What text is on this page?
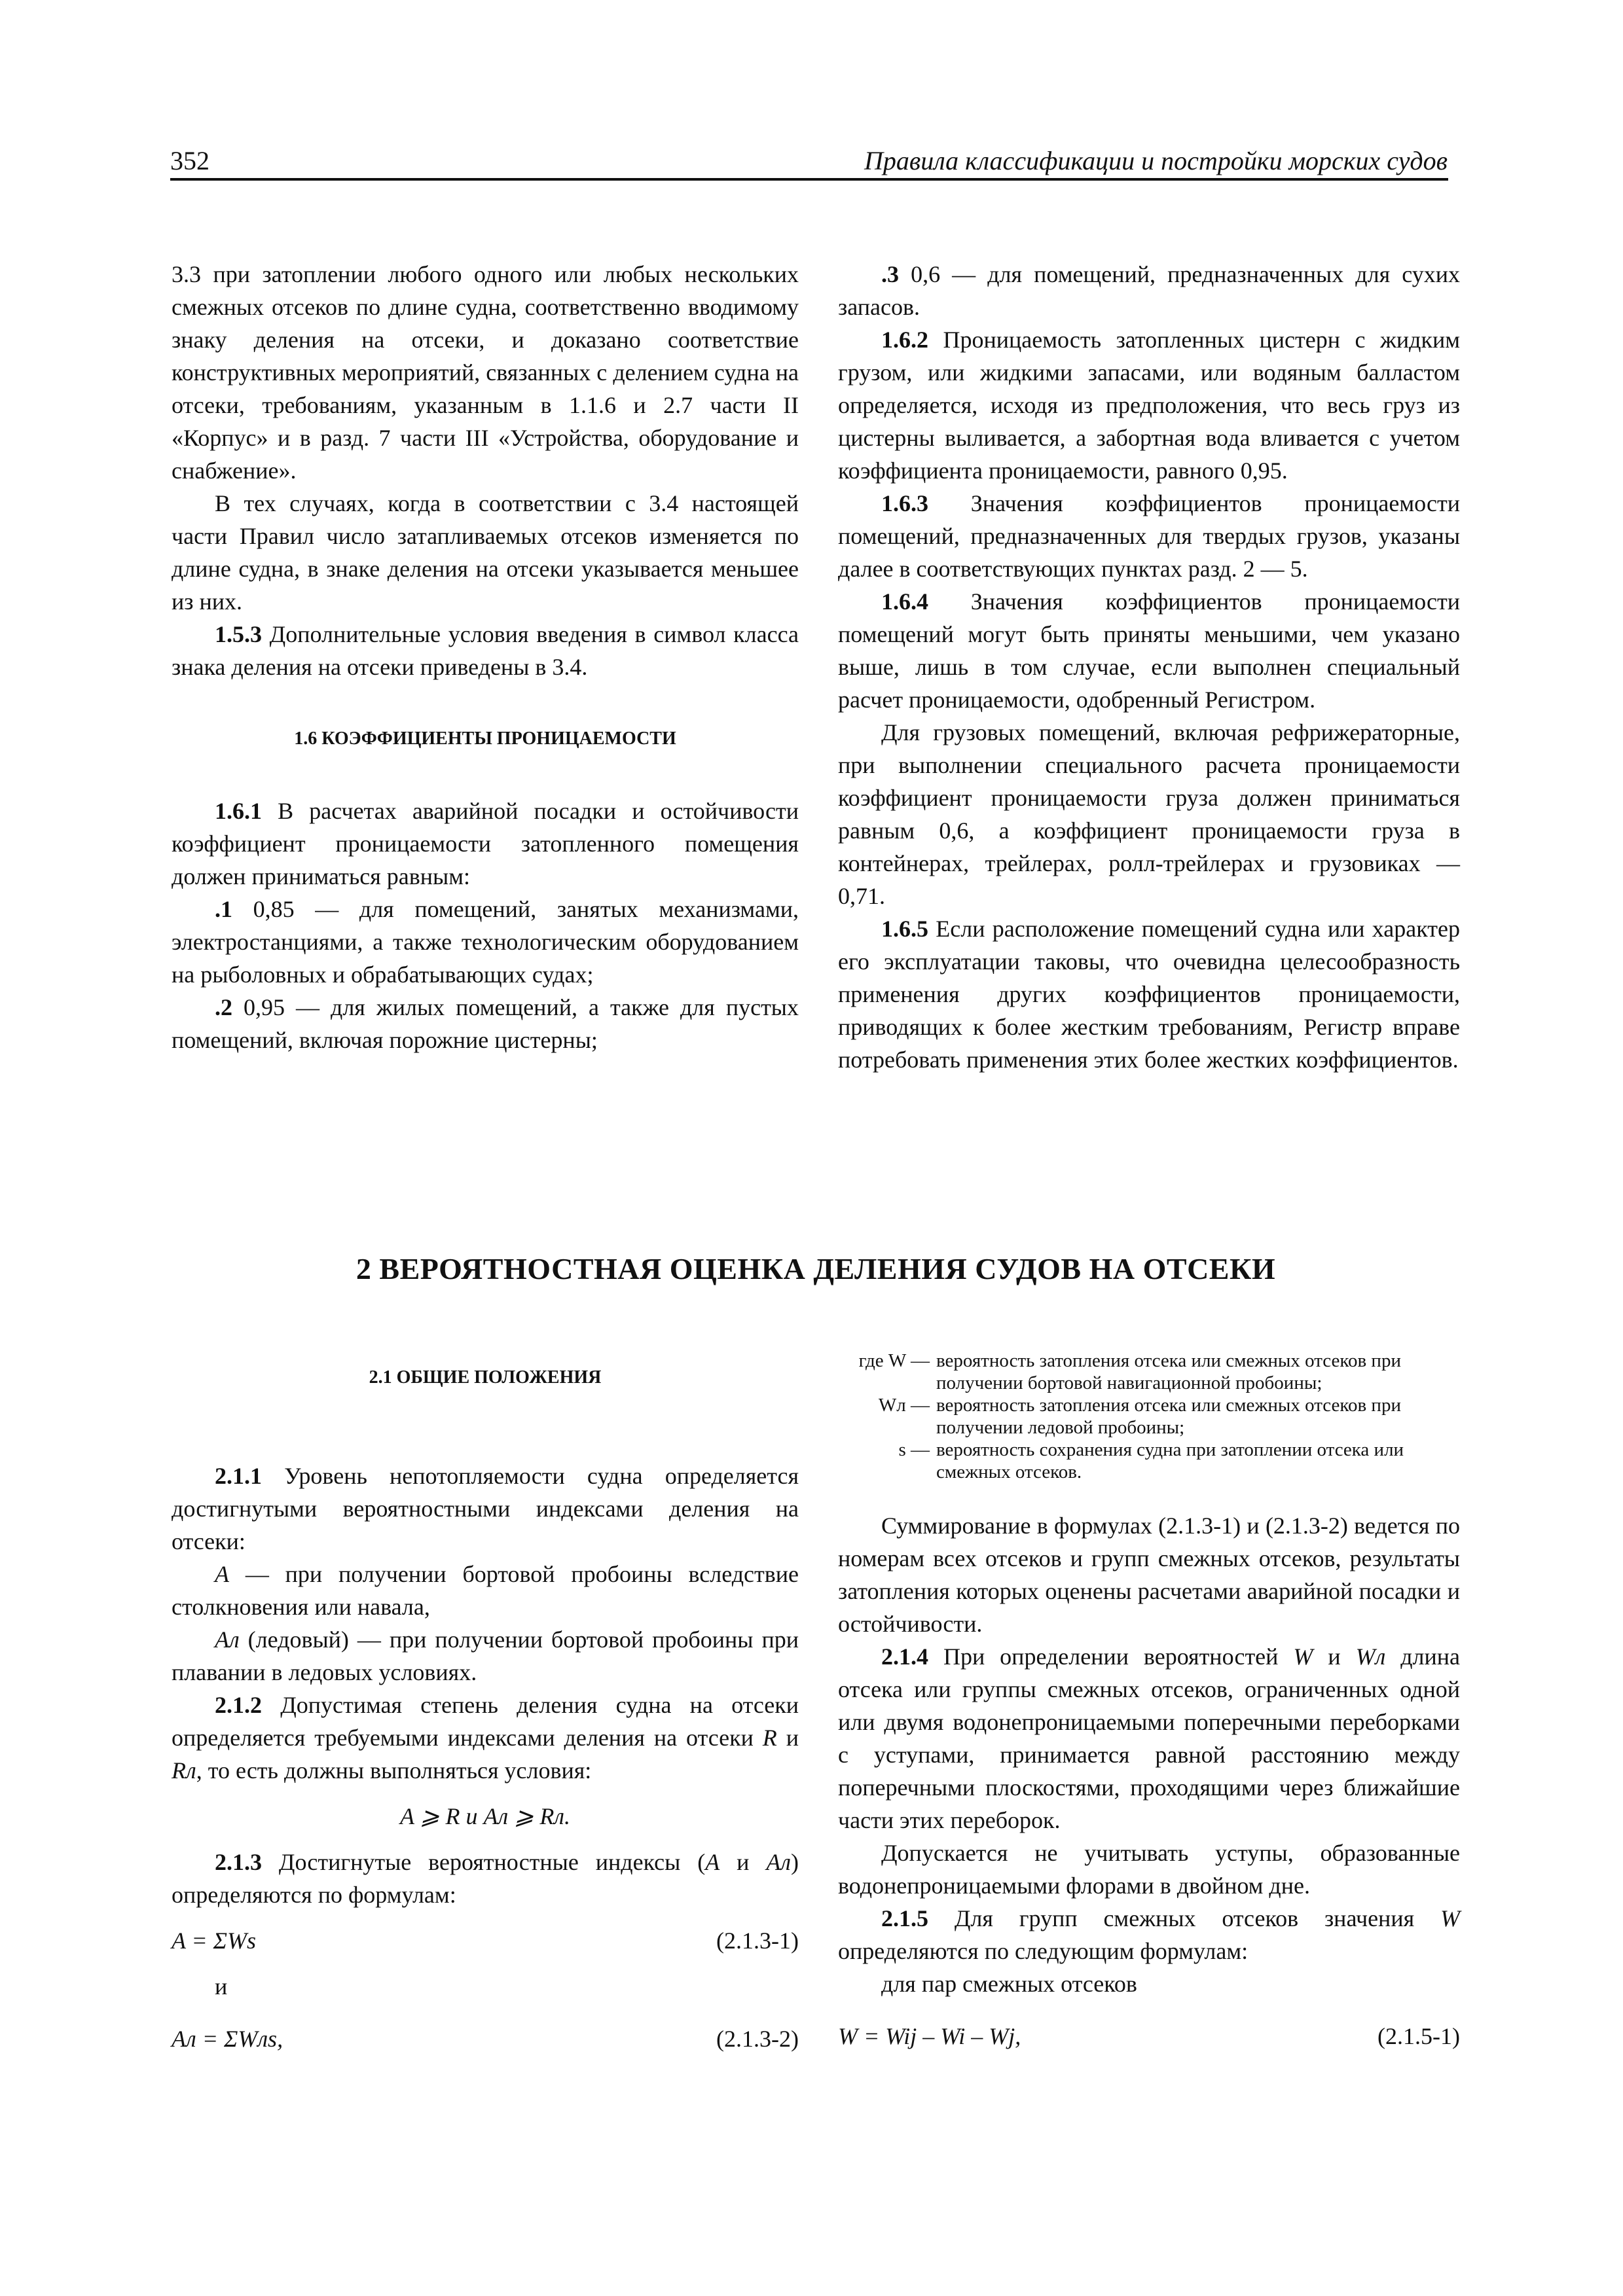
352	Правила классификации и постройки морских судов

3.3 при затоплении любого одного или любых нескольких смежных отсеков по длине судна, соответственно вводимому знаку деления на отсеки, и доказано соответствие конструктивных мероприятий, связанных с делением судна на отсеки, требованиям, указанным в 1.1.6 и 2.7 части II «Корпус» и в разд. 7 части III «Устройства, оборудование и снабжение».

В тех случаях, когда в соответствии с 3.4 настоящей части Правил число затапливаемых отсеков изменяется по длине судна, в знаке деления на отсеки указывается меньшее из них.

1.5.3 Дополнительные условия введения в символ класса знака деления на отсеки приведены в 3.4.

1.6 КОЭФФИЦИЕНТЫ ПРОНИЦАЕМОСТИ

1.6.1 В расчетах аварийной посадки и остойчивости коэффициент проницаемости затопленного помещения должен приниматься равным:

.1 0,85 — для помещений, занятых механизмами, электростанциями, а также технологическим оборудованием на рыболовных и обрабатывающих судах;

.2 0,95 — для жилых помещений, а также для пустых помещений, включая порожние цистерны;

.3 0,6 — для помещений, предназначенных для сухих запасов.

1.6.2 Проницаемость затопленных цистерн с жидким грузом, или жидкими запасами, или водяным балластом определяется, исходя из предположения, что весь груз из цистерны выливается, а забортная вода вливается с учетом коэффициента проницаемости, равного 0,95.

1.6.3 Значения коэффициентов проницаемости помещений, предназначенных для твердых грузов, указаны далее в соответствующих пунктах разд. 2 — 5.

1.6.4 Значения коэффициентов проницаемости помещений могут быть приняты меньшими, чем указано выше, лишь в том случае, если выполнен специальный расчет проницаемости, одобренный Регистром.

Для грузовых помещений, включая рефрижераторные, при выполнении специального расчета проницаемости коэффициент проницаемости груза должен приниматься равным 0,6, а коэффициент проницаемости груза в контейнерах, трейлерах, ролл-трейлерах и грузовиках — 0,71.

1.6.5 Если расположение помещений судна или характер его эксплуатации таковы, что очевидна целесообразность применения других коэффициентов проницаемости, приводящих к более жестким требованиям, Регистр вправе потребовать применения этих более жестких коэффициентов.

2 ВЕРОЯТНОСТНАЯ ОЦЕНКА ДЕЛЕНИЯ СУДОВ НА ОТСЕКИ

2.1 ОБЩИЕ ПОЛОЖЕНИЯ

2.1.1 Уровень непотопляемости судна определяется достигнутыми вероятностными индексами деления на отсеки:

A — при получении бортовой пробоины вследствие столкновения или навала,

Aл (ледовый) — при получении бортовой пробоины при плавании в ледовых условиях.

2.1.2 Допустимая степень деления судна на отсеки определяется требуемыми индексами деления на отсеки R и Rл, то есть должны выполняться условия:

A ⩾ R и Aл ⩾ Rл.

2.1.3 Достигнутые вероятностные индексы (A и Aл) определяются по формулам:

A = ΣWs	(2.1.3-1)

и

Aл = ΣWлs,	(2.1.3-2)
где W — вероятность затопления отсека или смежных отсеков при получении бортовой навигационной пробоины;
Wл — вероятность затопления отсека или смежных отсеков при получении ледовой пробоины;
s — вероятность сохранения судна при затоплении отсека или смежных отсеков.

Суммирование в формулах (2.1.3-1) и (2.1.3-2) ведется по номерам всех отсеков и групп смежных отсеков, результаты затопления которых оценены расчетами аварийной посадки и остойчивости.

2.1.4 При определении вероятностей W и Wл длина отсека или группы смежных отсеков, ограниченных одной или двумя водонепроницаемыми поперечными переборками с уступами, принимается равной расстоянию между поперечными плоскостями, проходящими через ближайшие части этих переборок.

Допускается не учитывать уступы, образованные водонепроницаемыми флорами в двойном дне.

2.1.5 Для групп смежных отсеков значения W определяются по следующим формулам:

для пар смежных отсеков

W = Wij – Wi – Wj,	(2.1.5-1)
